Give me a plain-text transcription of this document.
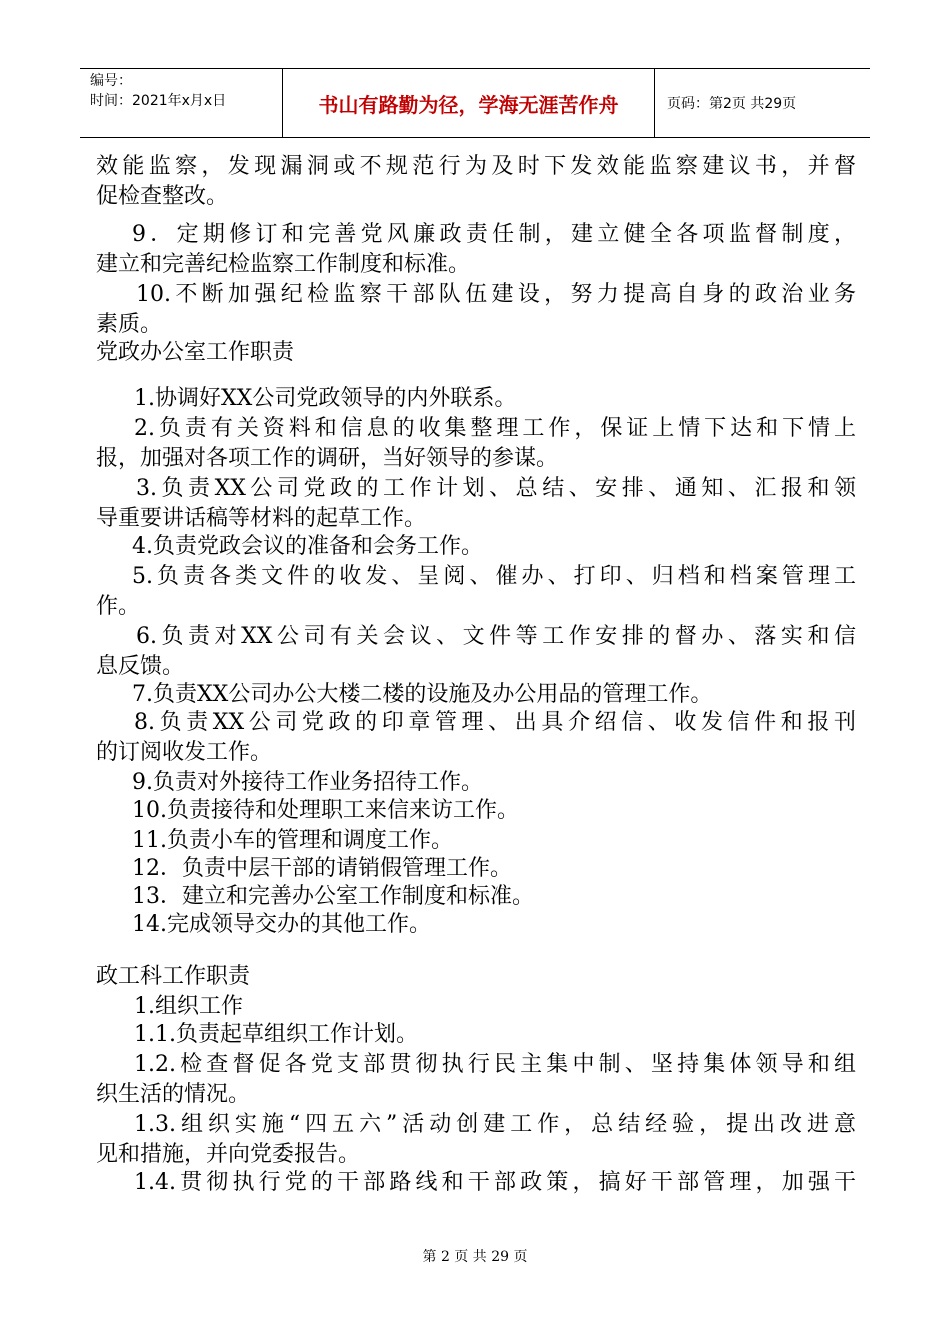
编号：
时间：2021年x月x日	书山有路勤为径，学海无涯苦作舟	页码：第2页 共29页
效能监察，发现漏洞或不规范行为及时下发效能监察建议书，并督
促检查整改。
9．定期修订和完善党风廉政责任制，建立健全各项监督制度，
建立和完善纪检监察工作制度和标准。
10.不断加强纪检监察干部队伍建设，努力提高自身的政治业务
素质。
党政办公室工作职责
1.协调好XX公司党政领导的内外联系。
2.负责有关资料和信息的收集整理工作，保证上情下达和下情上
报，加强对各项工作的调研，当好领导的参谋。
3.负责XX公司党政的工作计划、总结、安排、通知、汇报和领
导重要讲话稿等材料的起草工作。
4.负责党政会议的准备和会务工作。
5.负责各类文件的收发、呈阅、催办、打印、归档和档案管理工
作。
6.负责对XX公司有关会议、文件等工作安排的督办、落实和信
息反馈。
7.负责XX公司办公大楼二楼的设施及办公用品的管理工作。
8.负责XX公司党政的印章管理、出具介绍信、收发信件和报刊
的订阅收发工作。
9.负责对外接待工作业务招待工作。
10.负责接待和处理职工来信来访工作。
11.负责小车的管理和调度工作。
12．负责中层干部的请销假管理工作。
13．建立和完善办公室工作制度和标准。
14.完成领导交办的其他工作。
政工科工作职责
1.组织工作
1.1.负责起草组织工作计划。
1.2.检查督促各党支部贯彻执行民主集中制、坚持集体领导和组
织生活的情况。
1.3.组织实施“四五六”活动创建工作，总结经验，提出改进意
见和措施，并向党委报告。
1.4.贯彻执行党的干部路线和干部政策，搞好干部管理，加强干
第 2 页 共 29 页
